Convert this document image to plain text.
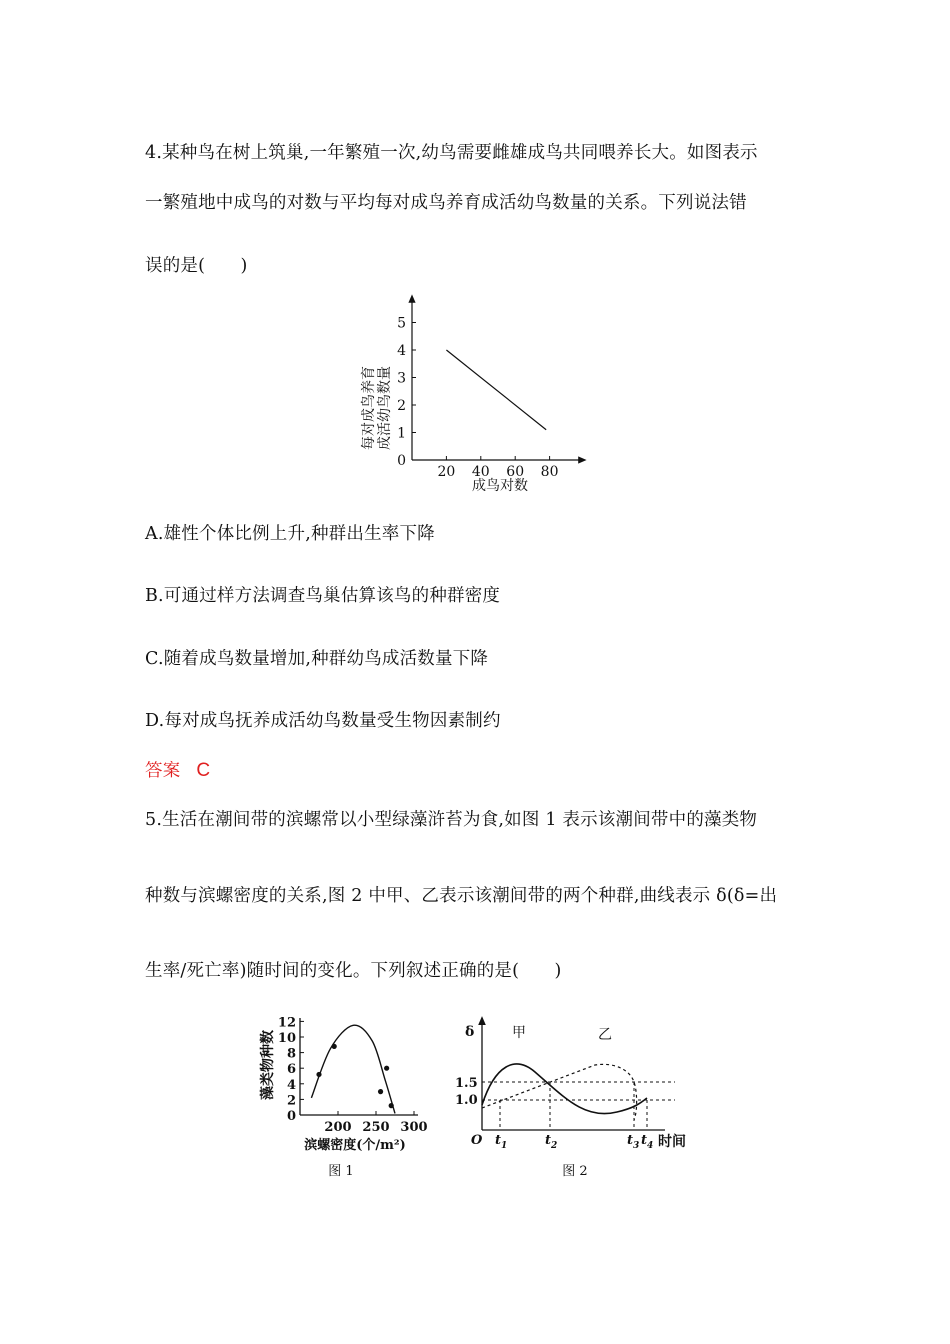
4.某种鸟在树上筑巢,一年繁殖一次,幼鸟需要雌雄成鸟共同喂养长大。如图表示
一繁殖地中成鸟的对数与平均每对成鸟养育成活幼鸟数量的关系。下列说法错
误的是(　　)
20 40 60 80
0
1
2
3
4
5
每对成鸟养育 成活幼鸟数量
成鸟对数
A.雄性个体比例上升,种群出生率下降
B.可通过样方法调查鸟巢估算该鸟的种群密度
C.随着成鸟数量增加,种群幼鸟成活数量下降
D.每对成鸟抚养成活幼鸟数量受生物因素制约
答案 C
5.生活在潮间带的滨螺常以小型绿藻浒苔为食,如图 1 表示该潮间带中的藻类物
种数与滨螺密度的关系,图 2 中甲、乙表示该潮间带的两个种群,曲线表示 δ(δ=出
生率/死亡率)随时间的变化。下列叙述正确的是(　　)
0
2
4
6
8
10
12
200 250 300
藻类物种数
滨螺密度(个/m²)
图 1
δ
O
1.5
1.0
甲	乙
t 1	t 2	t 3 t 4 时间
图 2
